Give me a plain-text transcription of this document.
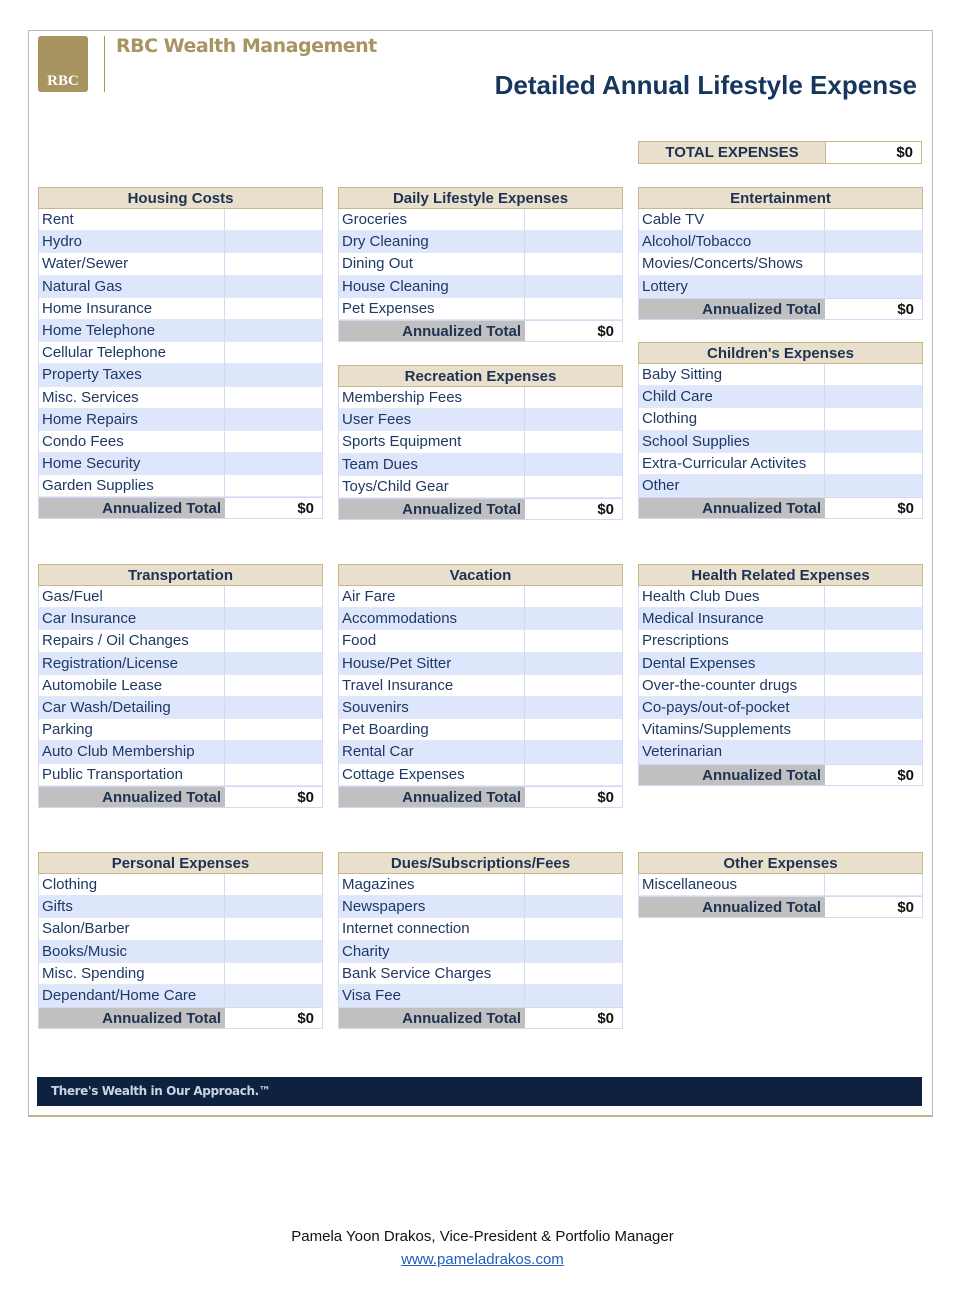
RBC
RBC Wealth Management
Detailed Annual Lifestyle Expense
TOTAL EXPENSES	$0
Housing Costs
Rent
Hydro
Water/Sewer
Natural Gas
Home Insurance
Home Telephone
Cellular Telephone
Property Taxes
Misc. Services
Home Repairs
Condo Fees
Home Security
Garden Supplies
Annualized Total	$0
Daily Lifestyle Expenses
Groceries
Dry Cleaning
Dining Out
House Cleaning
Pet Expenses
Annualized Total	$0
Entertainment
Cable TV
Alcohol/Tobacco
Movies/Concerts/Shows
Lottery
Annualized Total	$0
Recreation Expenses
Membership Fees
User Fees
Sports Equipment
Team Dues
Toys/Child Gear
Annualized Total	$0
Children's Expenses
Baby Sitting
Child Care
Clothing
School Supplies
Extra-Curricular Activites
Other
Annualized Total	$0
Transportation
Gas/Fuel
Car Insurance
Repairs / Oil Changes
Registration/License
Automobile Lease
Car Wash/Detailing
Parking
Auto Club Membership
Public Transportation
Annualized Total	$0
Vacation
Air Fare
Accommodations
Food
House/Pet Sitter
Travel Insurance
Souvenirs
Pet Boarding
Rental Car
Cottage Expenses
Annualized Total	$0
Health Related Expenses
Health Club Dues
Medical Insurance
Prescriptions
Dental Expenses
Over-the-counter drugs
Co-pays/out-of-pocket
Vitamins/Supplements
Veterinarian
Annualized Total	$0
Personal Expenses
Clothing
Gifts
Salon/Barber
Books/Music
Misc. Spending
Dependant/Home Care
Annualized Total	$0
Dues/Subscriptions/Fees
Magazines
Newspapers
Internet connection
Charity
Bank Service Charges
Visa Fee
Annualized Total	$0
Other Expenses
Miscellaneous
Annualized Total	$0
There's Wealth in Our Approach.™
Pamela Yoon Drakos, Vice-President & Portfolio Manager
www.pameladrakos.com
